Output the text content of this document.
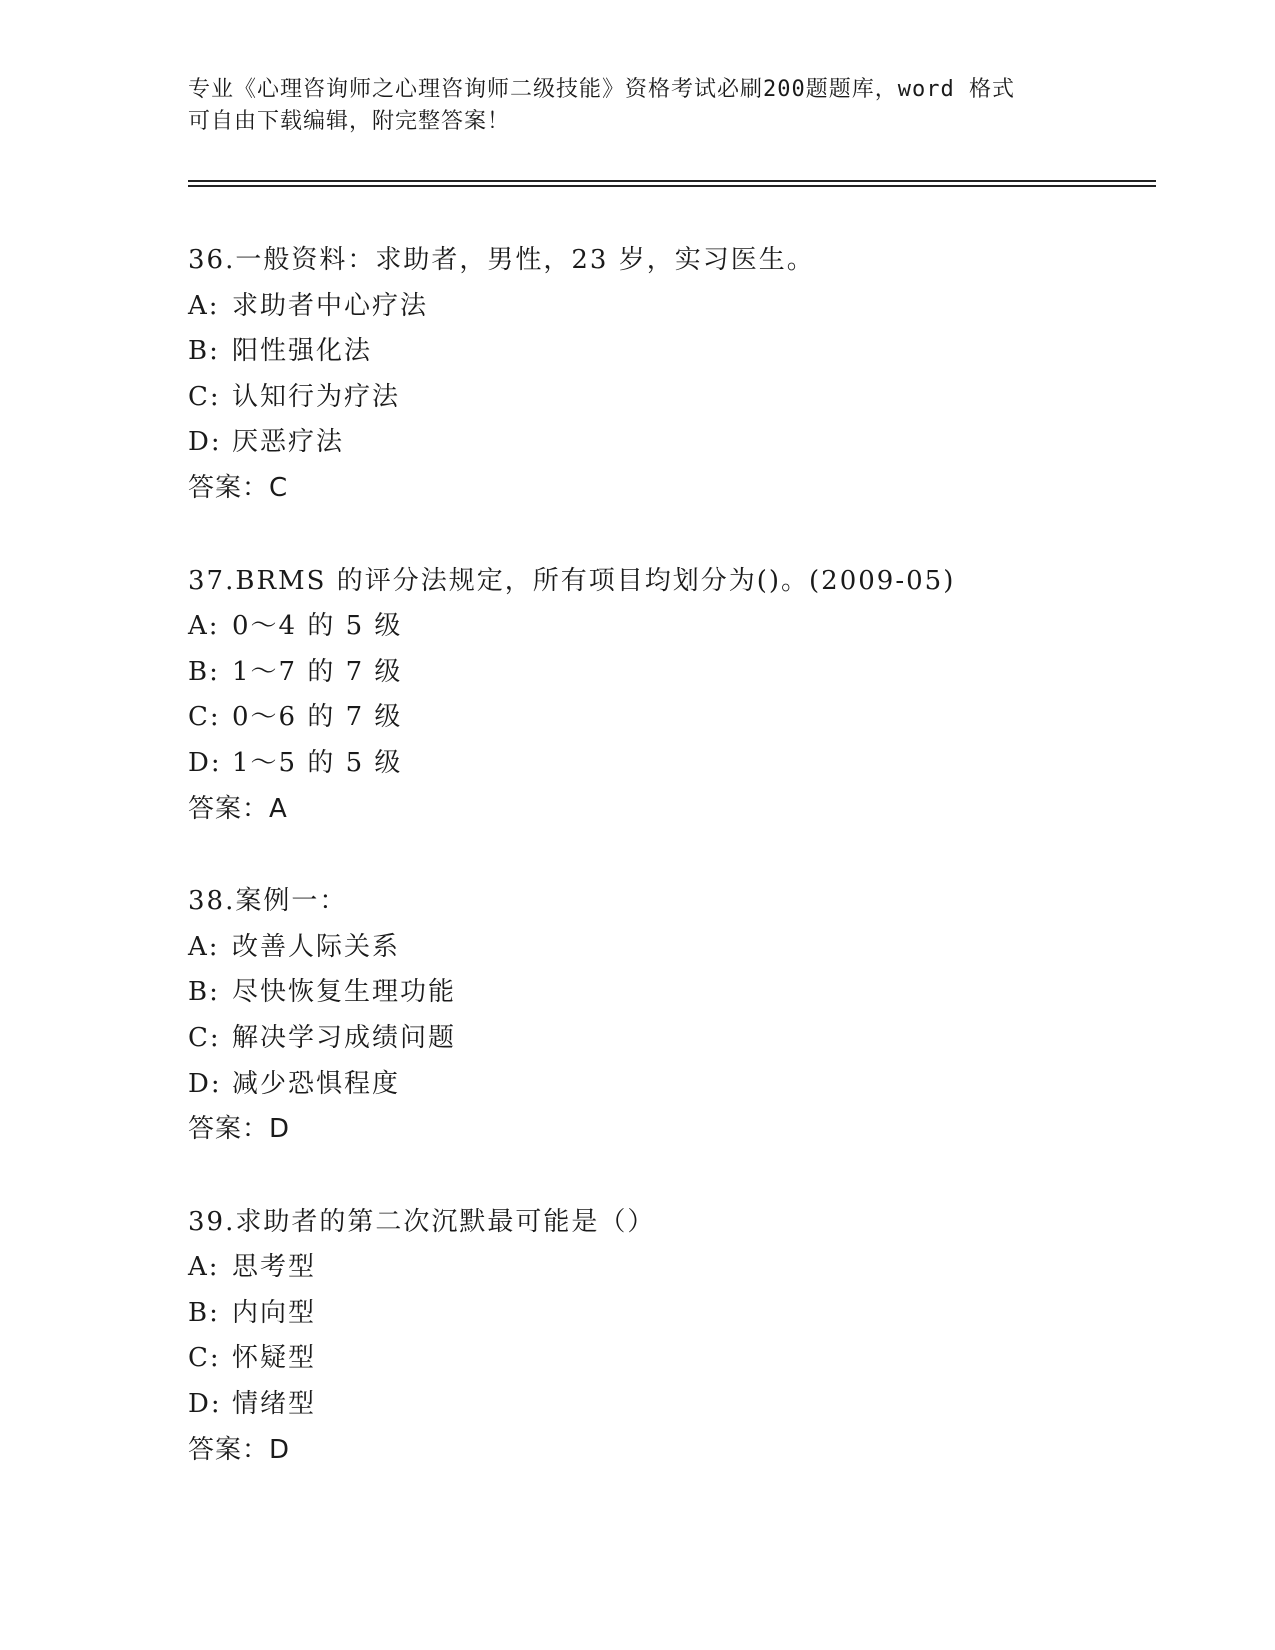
专业《心理咨询师之心理咨询师二级技能》资格考试必刷200题题库，word 格式
可自由下载编辑，附完整答案！
36.一般资料：求助者，男性，23 岁，实习医生。
A: 求助者中心疗法
B: 阳性强化法
C: 认知行为疗法
D: 厌恶疗法
答案：C
37.BRMS 的评分法规定，所有项目均划分为()。(2009-05)
A: 0～4 的 5 级
B: 1～7 的 7 级
C: 0～6 的 7 级
D: 1～5 的 5 级
答案：A
38.案例一：
A: 改善人际关系
B: 尽快恢复生理功能
C: 解决学习成绩问题
D: 减少恐惧程度
答案：D
39.求助者的第二次沉默最可能是（）
A: 思考型
B: 内向型
C: 怀疑型
D: 情绪型
答案：D
